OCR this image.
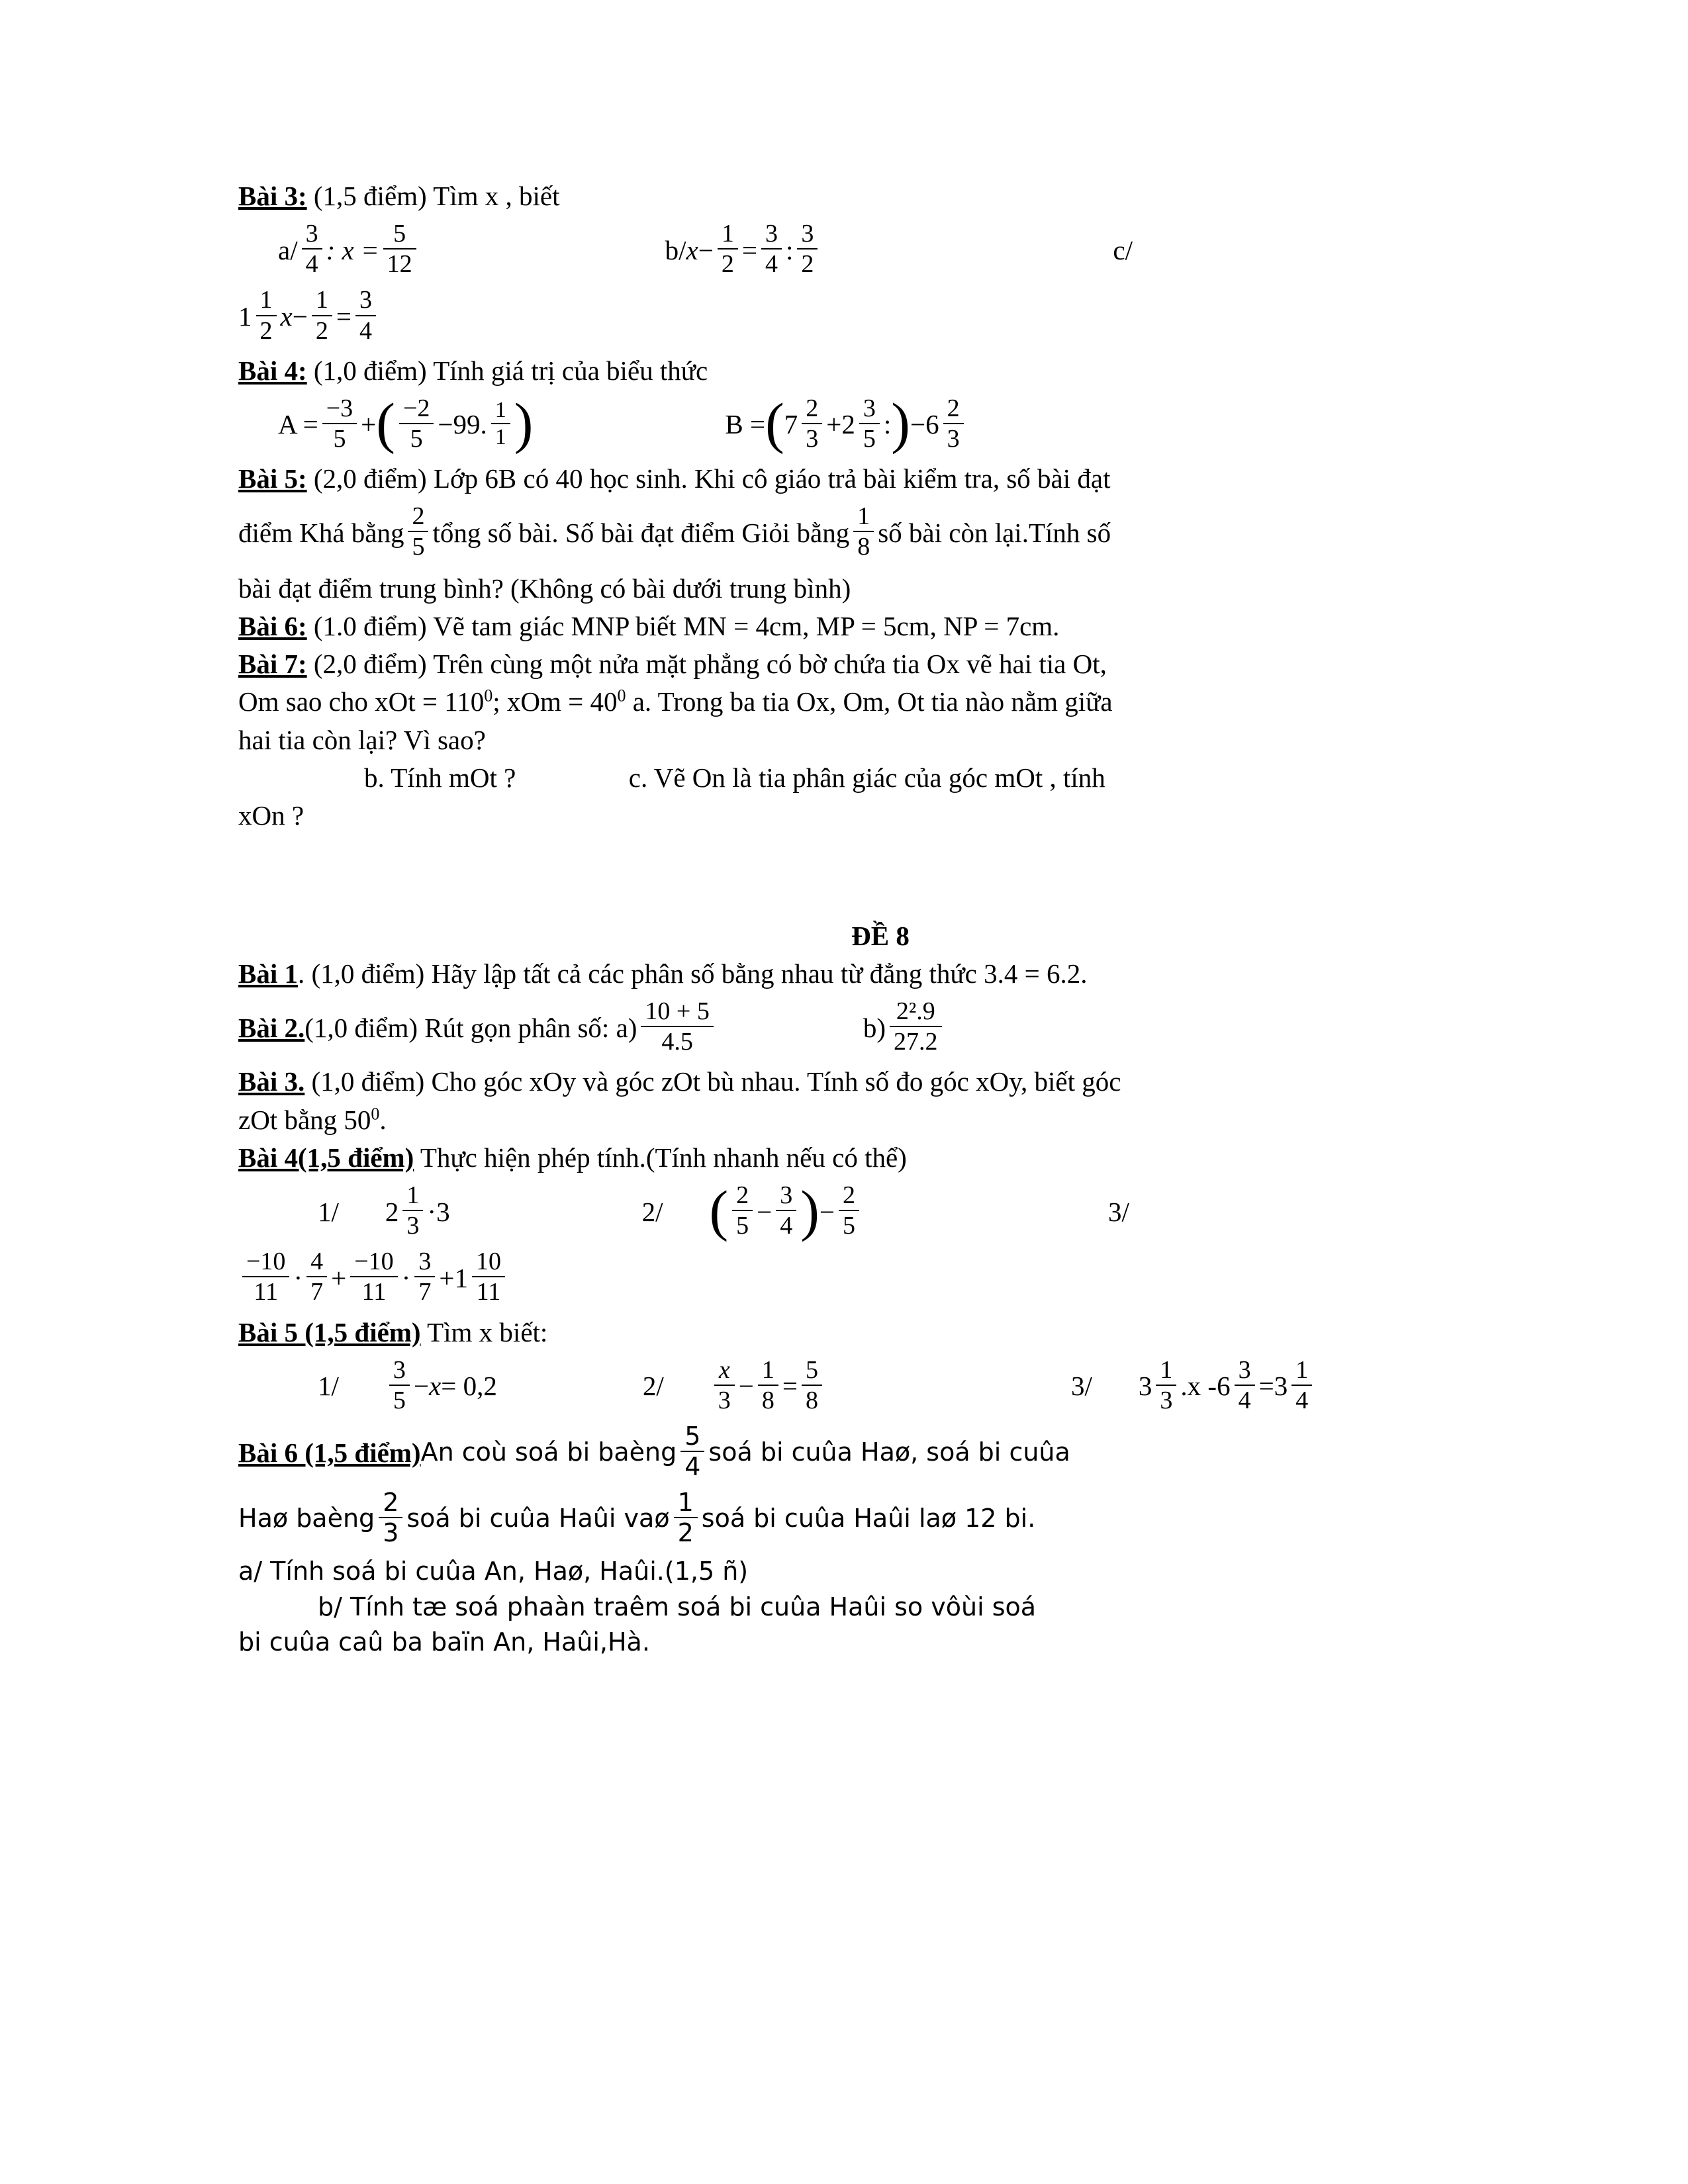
Bài 3: (1,5 điểm) Tìm x , biết
$a/ \frac{3}{4}$ : $x = \frac{5}{12}$	b/ $x - \frac{1}{2} = \frac{3}{4}$ : $\frac{3}{2}$	c/
$1 \frac{1}{2}$ $x - \frac{1}{2} = \frac{3}{4}$
Bài 4: (1,0 điểm) Tính giá trị của biểu thức
$A = \frac{-3}{5}$ + ( $\frac{-2}{5} - 99$ . $\frac{1}{1}$ )	B = ( $7 \frac{2}{3} + 2 \frac{3}{5}$ : ) − $6 \frac{2}{3}$
Bài 5: (2,0 điểm) Lớp 6B có 40 học sinh. Khi cô giáo trả bài kiểm tra, số bài đạt
điểm Khá bằng $\frac{2}{5}$ tổng số bài. Số bài đạt điểm Giỏi bằng $\frac{1}{8}$ số bài còn lại.Tính số
bài đạt điểm trung bình? (Không có bài dưới trung bình)
Bài 6: (1.0 điểm) Vẽ tam giác MNP biết MN = 4cm, MP = 5cm, NP = 7cm.
Bài 7: (2,0 điểm) Trên cùng một nửa mặt phẳng có bờ chứa tia Ox vẽ hai tia Ot,
Om sao cho xOt = $110^0$; xOm = $40^0$ a. Trong ba tia Ox, Om, Ot tia nào nằm giữa
hai tia còn lại? Vì sao?
b. Tính mOt ?	c. Vẽ On là tia phân giác của góc mOt , tính
xOn ?
ĐỀ 8
Bài 1. (1,0 điểm) Hãy lập tất cả các phân số bằng nhau từ đẳng thức 3.4 = 6.2.
Bài 2. (1,0 điểm) Rút gọn phân số: $a) \frac{10 + 5}{4.5}$	$b) \frac{\text{2².9}}{27.2}$
Bài 3. (1,0 điểm) Cho góc xOy và góc zOt bù nhau. Tính số đo góc xOy, biết góc
zOt bằng $50^0$.
Bài 4(1,5 điểm) Thực hiện phép tính.(Tính nhanh nếu có thể)
1/ $2 \frac{1}{3} \cdot 3$	2/ ( $\frac{2}{5} - \frac{3}{4}$ ) − $\frac{2}{5}$	3/
$\frac{-10}{11} \cdot \frac{4}{7} + \frac{-10}{11} \cdot \frac{3}{7} + 1 \frac{10}{11}$
Bài 5 (1,5 điểm) Tìm x biết:
$1/ \frac{3}{5} - x = 0,2$	$2/ \frac{x}{3} - \frac{1}{8} = \frac{5}{8}$	3/ $3 \frac{1}{3} .x - 6 \frac{3}{4} = 3 \frac{1}{4}$
Bài 6 (1,5 điểm) An coù soá bi baèng $\frac{5}{4}$ soá bi cuûa Haø, soá bi cuûa
Haø baèng $\frac{2}{3}$ soá bi cuûa Haûi vaø $\frac{1}{2}$ soá bi cuûa Haûi laø 12 bi.
a/ Tính soá bi cuûa An, Haø, Haûi.(1,5 ñ)
b/ Tính tæ soá phaàn traêm soá bi cuûa Haûi so vôùi soá
bi cuûa caû ba baïn An, Haûi,Hà.
